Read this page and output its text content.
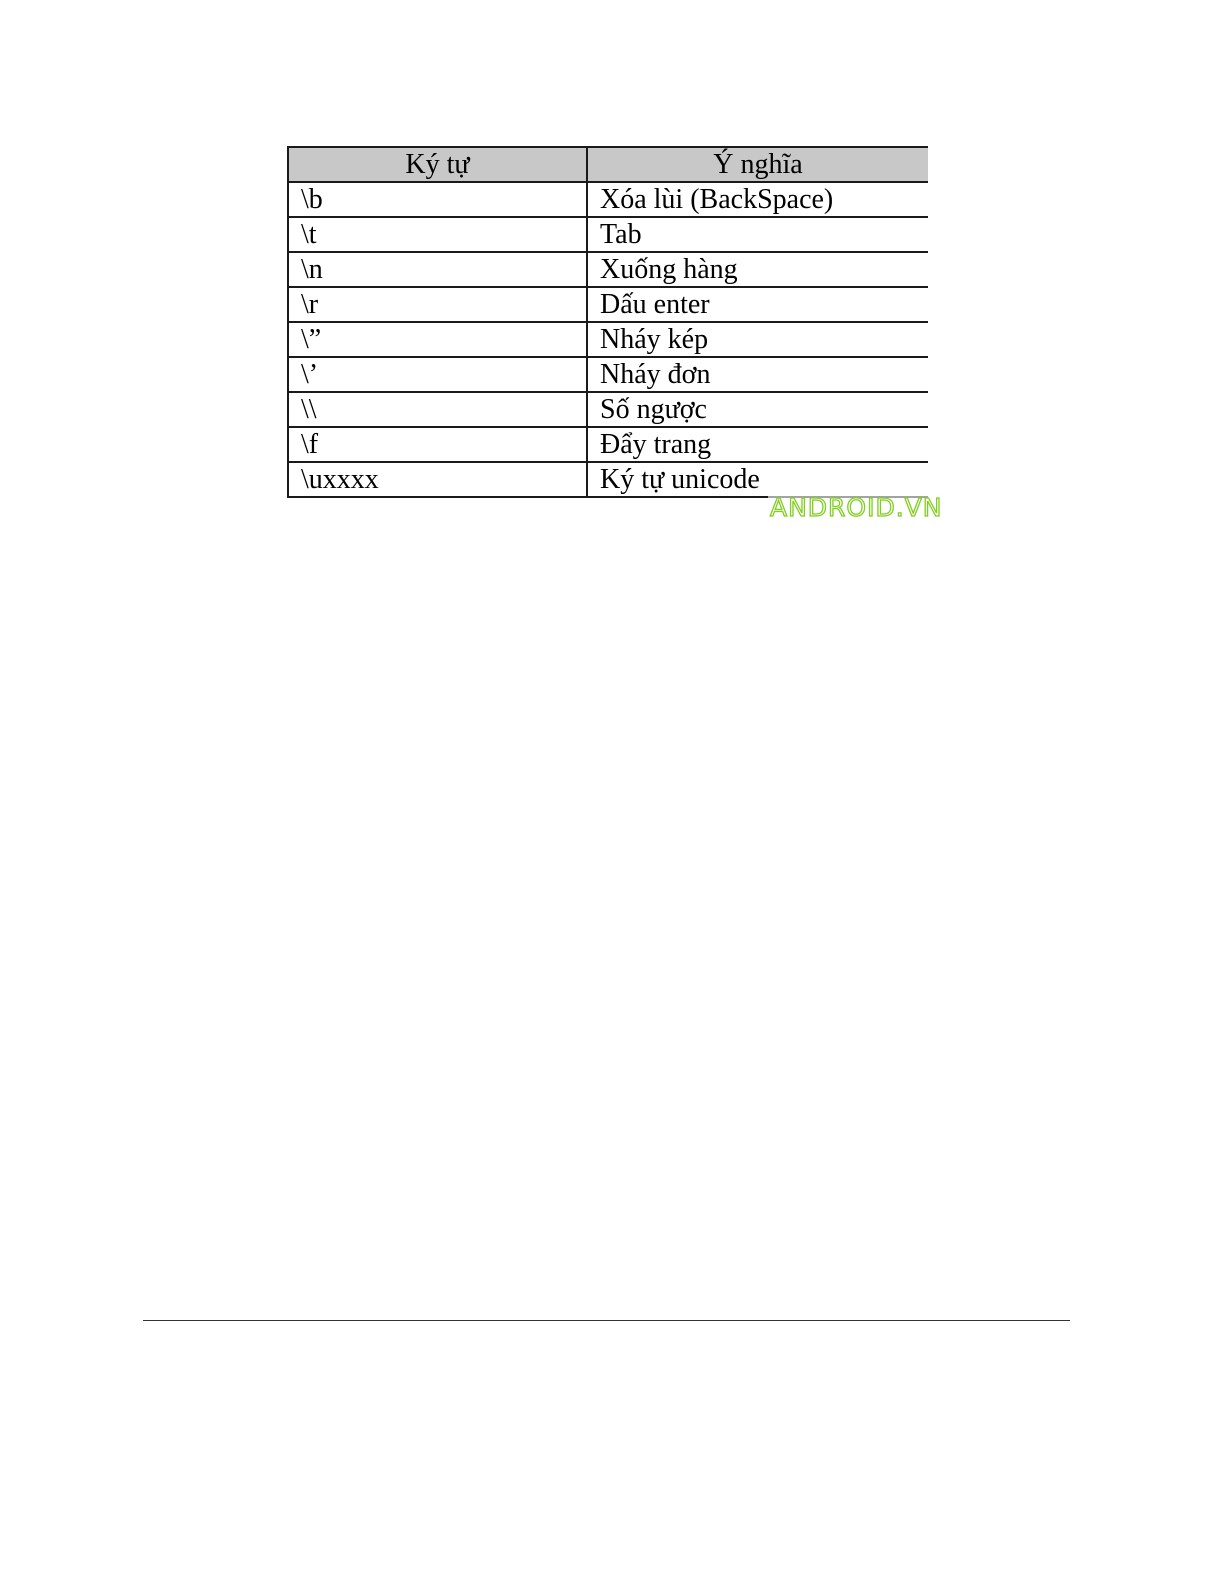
Ký tự	Ý nghĩa
\b	Xóa lùi (BackSpace)
\t	Tab
\n	Xuống hàng
\r	Dấu enter
\”	Nháy kép
\’	Nháy đơn
\\	Số ngược
\f	Đẩy trang
\uxxxx	Ký tự unicode
ANDROID.VN
